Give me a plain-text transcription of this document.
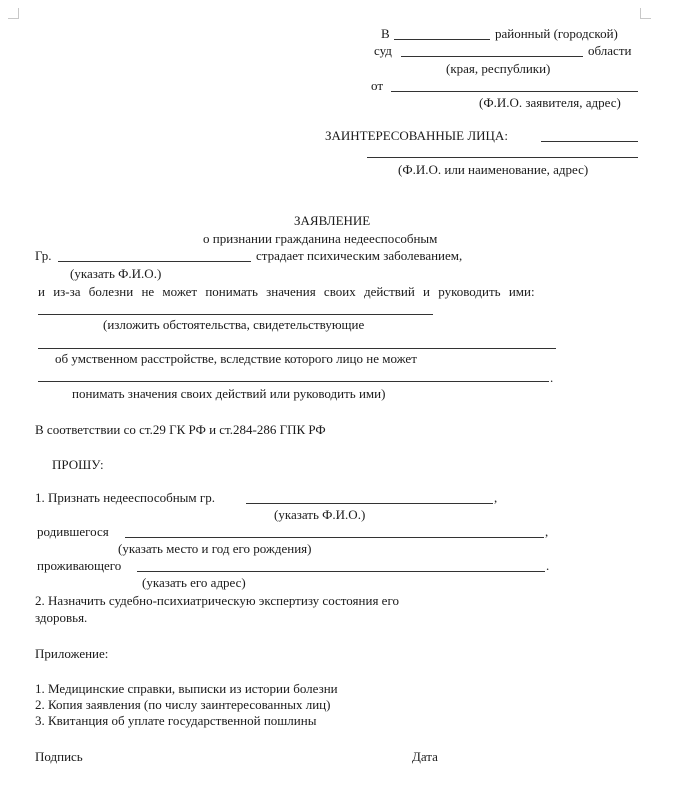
В	районный (городской)
суд	области
(края, республики)
от
(Ф.И.О. заявителя, адрес)
ЗАИНТЕРЕСОВАННЫЕ ЛИЦА:
(Ф.И.О. или наименование, адрес)
ЗАЯВЛЕНИЕ
о признании гражданина недееспособным
Гр.	страдает психическим заболеванием,
(указать Ф.И.О.)
и из-за болезни не может понимать значения своих действий и руководить ими:
(изложить обстоятельства, свидетельствующие
об умственном расстройстве, вследствие которого лицо не может
.
понимать значения своих действий или руководить ими)
В соответствии со ст.29 ГК РФ и ст.284-286 ГПК РФ
ПРОШУ:
1. Признать недееспособным гр.	,
(указать Ф.И.О.)
родившегося	,
(указать место и год его рождения)
проживающего	.
(указать его адрес)
2. Назначить судебно-психиатрическую экспертизу состояния его
здоровья.
Приложение:
1. Медицинские справки, выписки из истории болезни
2. Копия заявления (по числу заинтересованных лиц)
3. Квитанция об уплате государственной пошлины
Подпись	Дата
